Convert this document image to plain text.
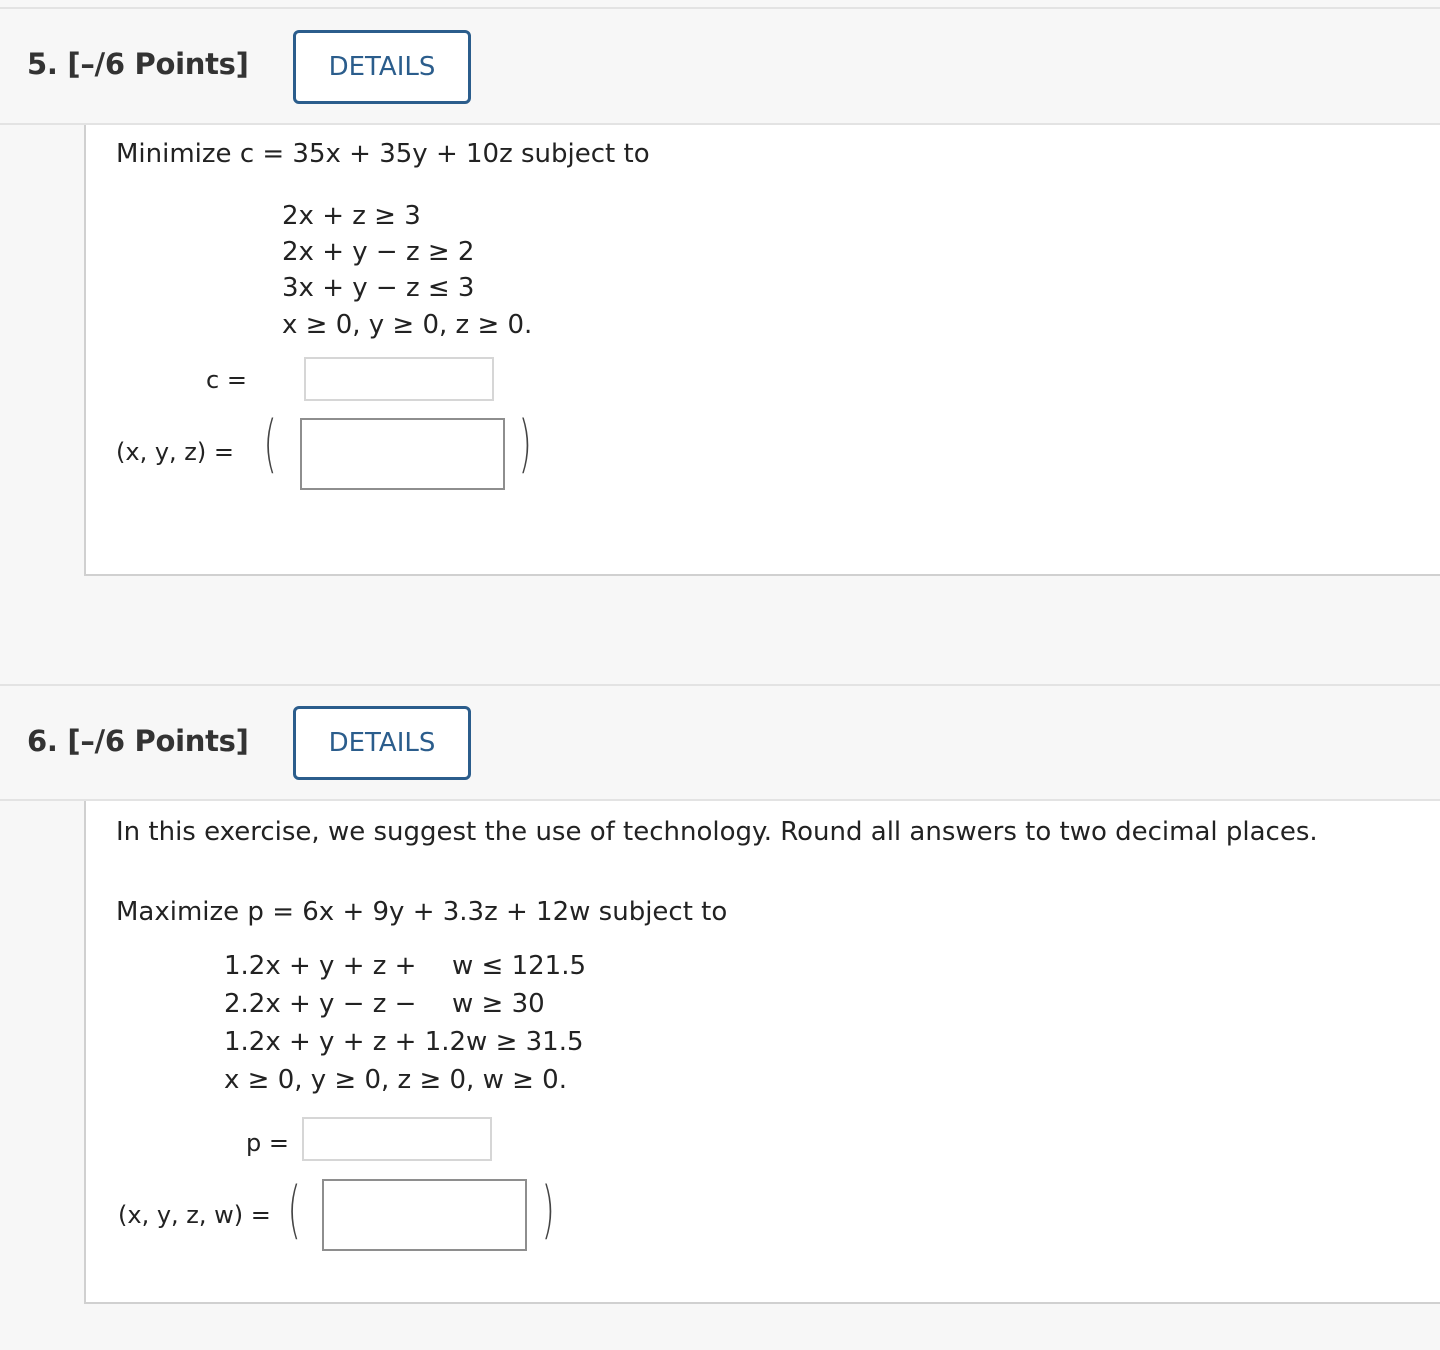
5. [–/6 Points]	DETAILS
Minimize c = 35x + 35y + 10z subject to
2x + z ≥ 3
2x + y − z ≥ 2
3x + y − z ≤ 3
x ≥ 0, y ≥ 0, z ≥ 0.
c =
(x, y, z) = (	)
6. [–/6 Points]	DETAILS
In this exercise, we suggest the use of technology. Round all answers to two decimal places.
Maximize p = 6x + 9y + 3.3z + 12w subject to
1.2x + y + z + w ≤ 121.5
2.2x + y − z − w ≥ 30
1.2x + y + z + 1.2w ≥ 31.5
x ≥ 0, y ≥ 0, z ≥ 0, w ≥ 0.
p =
(x, y, z, w) = (	)
